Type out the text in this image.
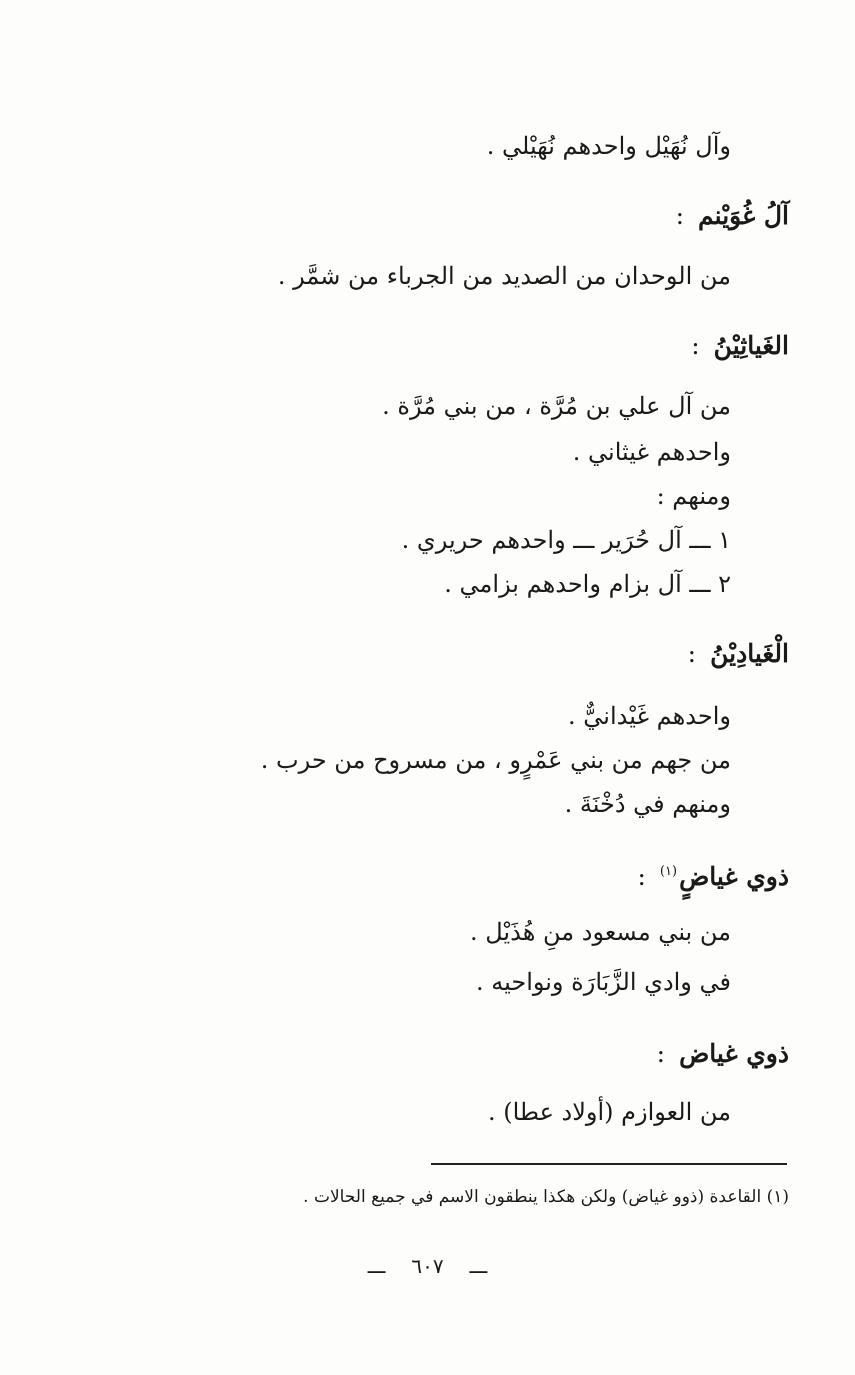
وآل نُهَيْل واحدهم نُهَيْلي .
آلُ غُوَيْنم:
من الوحدان من الصديد من الجرباء من شمَّر .
الغَياثِيْنُ:
من آل علي بن مُرَّة ، من بني مُرَّة .
واحدهم غيثاني .
ومنهم :
١ ـــ آل حُرَير ـــ واحدهم حريري .
٢ ـــ آل بزام واحدهم بزامي .
الْغَيادِيْنُ:
واحدهم غَيْدانيٌّ .
من جهم من بني عَمْرٍو ، من مسروح من حرب .
ومنهم في دُخْنَةَ .
ذوي غياضٍ$^{(١)}$:
من بني مسعود منِ هُذَيْل .
في وادي الزَّبَارَة ونواحيه .
ذوي غياض:
من العوازم (أولاد عطا) .
(١) القاعدة (ذوو غياض) ولكن هكذا ينطقون الاسم في جميع الحالات .
ـــ ٦٠٧ ـــ
